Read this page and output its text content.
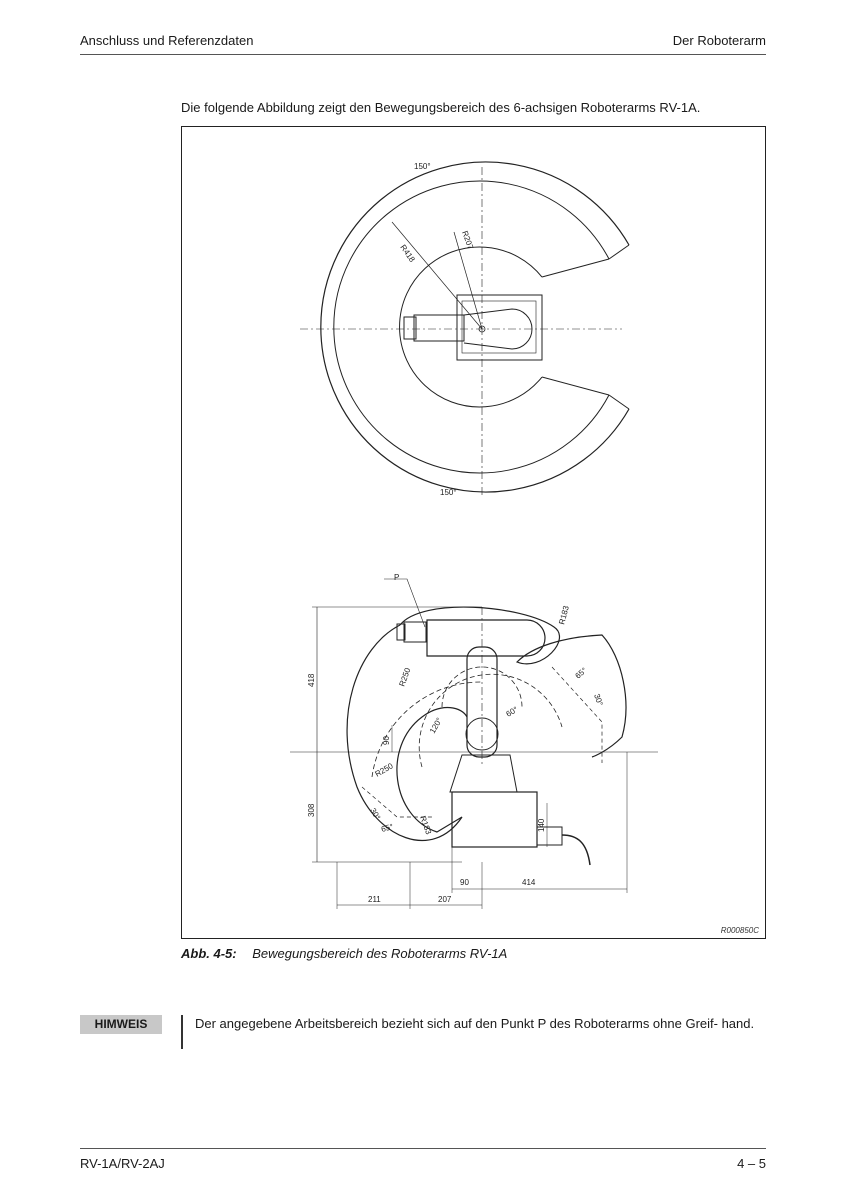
Anschluss und Referenzdaten	Der Roboterarm

Die folgende Abbildung zeigt den Bewegungsbereich des 6-achsigen Roboterarms RV-1A.

150°
150°
R418
R207
P
R183
R250
R250
R183
65°
30°
60°
120°
30°
65°
418
90
308
140
90	414
211	207
R000850C

Abb. 4-5: Bewegungsbereich des Roboterarms RV-1A

HIMWEIS	Der angegebene Arbeitsbereich bezieht sich auf den Punkt P des Roboterarms ohne Greif- hand.

RV-1A/RV-2AJ	4 – 5
